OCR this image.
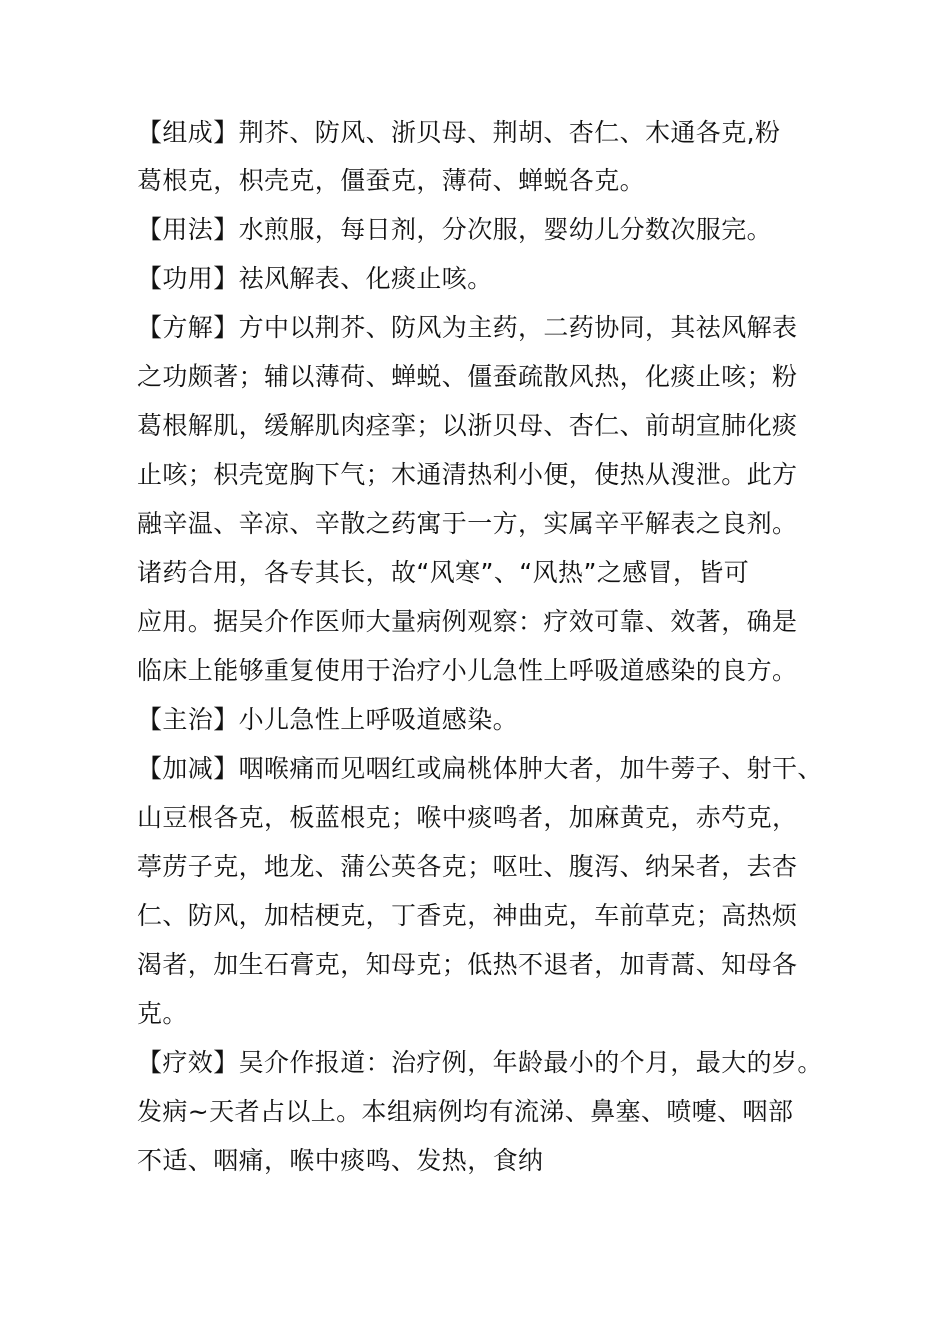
【组成】荆芥、防风、浙贝母、荆胡、杏仁、木通各克,粉
葛根克，枳壳克，僵蚕克，薄荷、蝉蜕各克。
【用法】水煎服，每日剂，分次服，婴幼儿分数次服完。
【功用】祛风解表、化痰止咳。
【方解】方中以荆芥、防风为主药，二药协同，其祛风解表
之功颇著；辅以薄荷、蝉蜕、僵蚕疏散风热，化痰止咳；粉
葛根解肌，缓解肌肉痉挛；以浙贝母、杏仁、前胡宣肺化痰
止咳；枳壳宽胸下气；木通清热利小便，使热从溲泄。此方
融辛温、辛凉、辛散之药寓于一方，实属辛平解表之良剂。
诸药合用，各专其长，故“风寒”、“风热”之感冒，皆可
应用。据吴介作医师大量病例观察：疗效可靠、效著，确是
临床上能够重复使用于治疗小儿急性上呼吸道感染的良方。
【主治】小儿急性上呼吸道感染。
【加减】咽喉痛而见咽红或扁桃体肿大者，加牛蒡子、射干、
山豆根各克，板蓝根克；喉中痰鸣者，加麻黄克，赤芍克，
葶苈子克，地龙、蒲公英各克；呕吐、腹泻、纳呆者，去杏
仁、防风，加桔梗克，丁香克，神曲克，车前草克；高热烦
渴者，加生石膏克，知母克；低热不退者，加青蒿、知母各
克。
【疗效】吴介作报道：治疗例，年龄最小的个月，最大的岁。
发病~天者占以上。本组病例均有流涕、鼻塞、喷嚏、咽部
不适、咽痛，喉中痰鸣、发热，食纳
